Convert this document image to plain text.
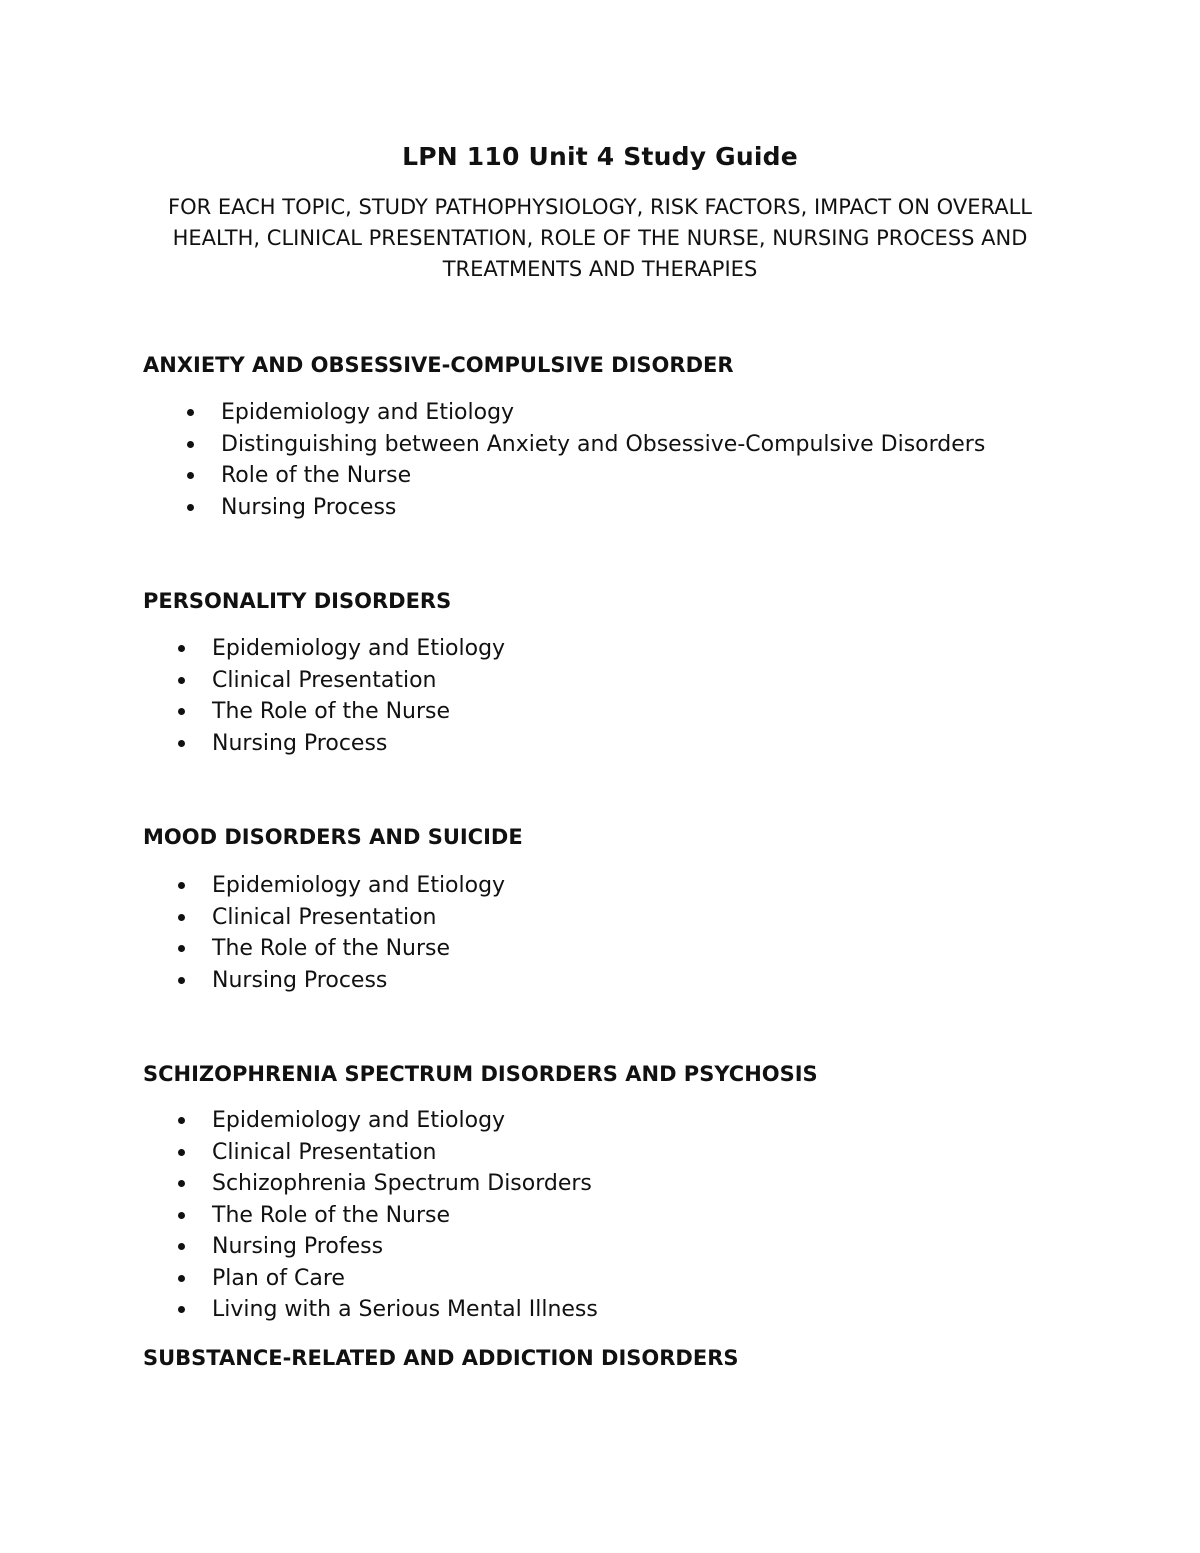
LPN 110 Unit 4 Study Guide

FOR EACH TOPIC, STUDY PATHOPHYSIOLOGY, RISK FACTORS, IMPACT ON OVERALL HEALTH, CLINICAL PRESENTATION, ROLE OF THE NURSE, NURSING PROCESS AND TREATMENTS AND THERAPIES

ANXIETY AND OBSESSIVE-COMPULSIVE DISORDER
Epidemiology and Etiology
Distinguishing between Anxiety and Obsessive-Compulsive Disorders
Role of the Nurse
Nursing Process
PERSONALITY DISORDERS
Epidemiology and Etiology
Clinical Presentation
The Role of the Nurse
Nursing Process
MOOD DISORDERS AND SUICIDE
Epidemiology and Etiology
Clinical Presentation
The Role of the Nurse
Nursing Process
SCHIZOPHRENIA SPECTRUM DISORDERS AND PSYCHOSIS
Epidemiology and Etiology
Clinical Presentation
Schizophrenia Spectrum Disorders
The Role of the Nurse
Nursing Profess
Plan of Care
Living with a Serious Mental Illness
SUBSTANCE-RELATED AND ADDICTION DISORDERS
